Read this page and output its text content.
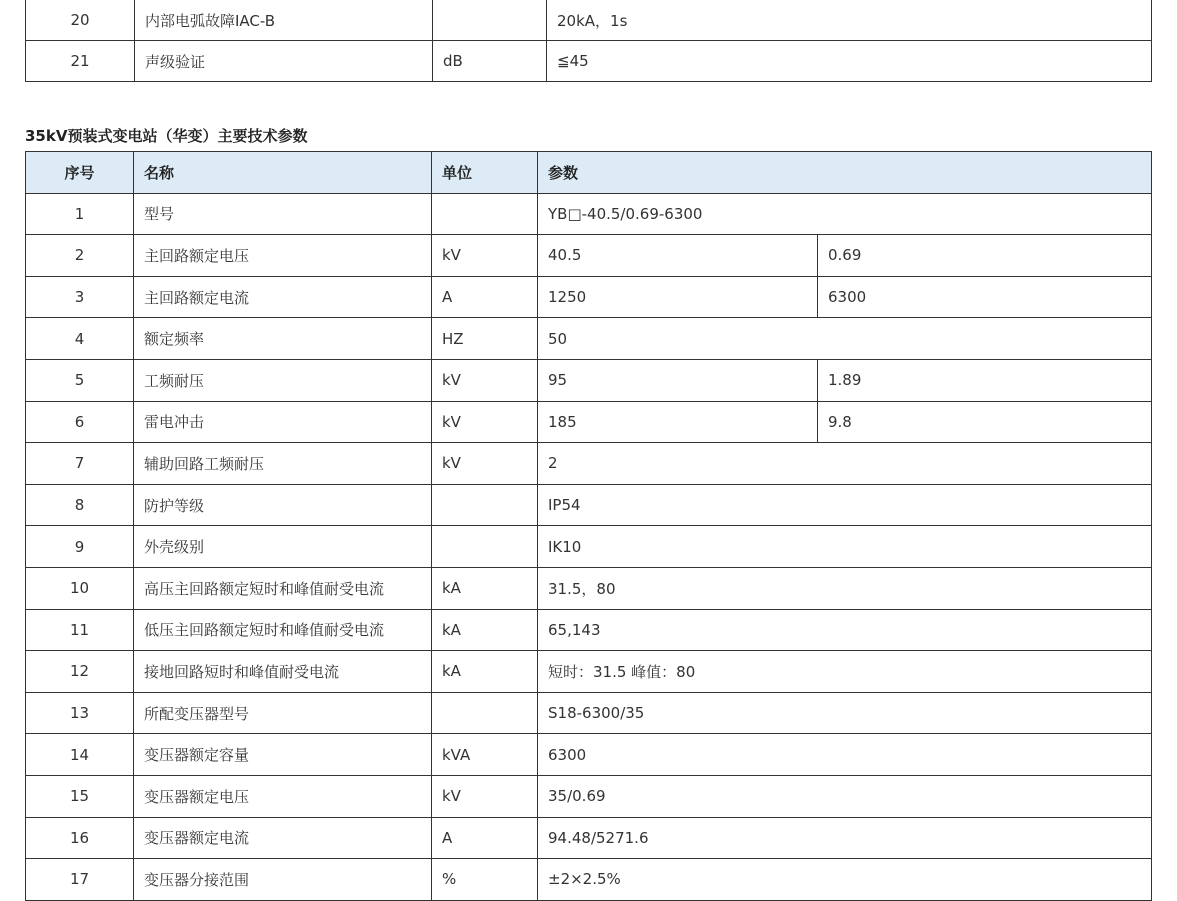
20	内部电弧故障IAC-B		20kA，1s
21	声级验证	dB	≦45
35kV预装式变电站（华变）主要技术参数
序号	名称	单位	参数	
1	型号		YB□-40.5/0.69-6300	
2	主回路额定电压	kV	40.5	0.69
3	主回路额定电流	A	1250	6300
4	额定频率	HZ	50	
5	工频耐压	kV	95	1.89
6	雷电冲击	kV	185	9.8
7	辅助回路工频耐压	kV	2	
8	防护等级		IP54	
9	外壳级别		IK10	
10	高压主回路额定短时和峰值耐受电流	kA	31.5，80	
11	低压主回路额定短时和峰值耐受电流	kA	65,143	
12	接地回路短时和峰值耐受电流	kA	短时：31.5 峰值：80	
13	所配变压器型号		S18-6300/35	
14	变压器额定容量	kVA	6300	
15	变压器额定电压	kV	35/0.69	
16	变压器额定电流	A	94.48/5271.6	
17	变压器分接范围	%	±2×2.5%	
